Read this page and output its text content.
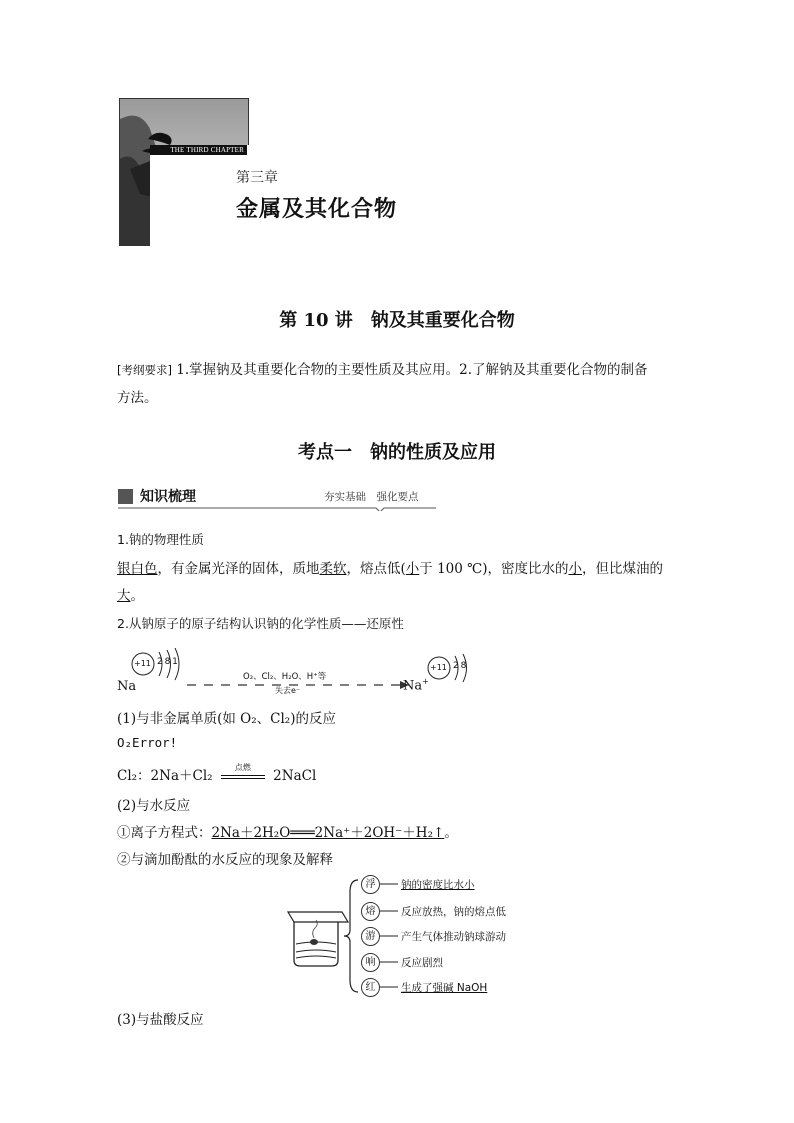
THE THIRD CHAPTER
第三章
金属及其化合物
第 10 讲　钠及其重要化合物
[考纲要求] 1.掌握钠及其重要化合物的主要性质及其应用。2.了解钠及其重要化合物的制备
方法。
考点一　钠的性质及应用
知识梳理	夯实基础　强化要点
1.钠的物理性质
银白色，有金属光泽的固体，质地柔软，熔点低(小于 100 ℃)，密度比水的小，但比煤油的
大。
2.从钠原子的原子结构认识钠的化学性质——还原性
+11 2 8 1
Na
O₂、Cl₂、H₂O、H⁺等
失去e⁻	Na+
+11 2 8
(1)与非金属单质(如 O₂、Cl₂)的反应
O₂Error!
Cl₂：2Na＋Cl₂
点燃
2NaCl
(2)与水反应
①离子方程式：2Na＋2H₂O═══2Na⁺＋2OH⁻＋H₂↑。
②与滴加酚酞的水反应的现象及解释
浮
熔
游
响
红
钠的密度比水小
反应放热，钠的熔点低
产生气体推动钠球游动
反应剧烈
生成了强碱 NaOH
(3)与盐酸反应
